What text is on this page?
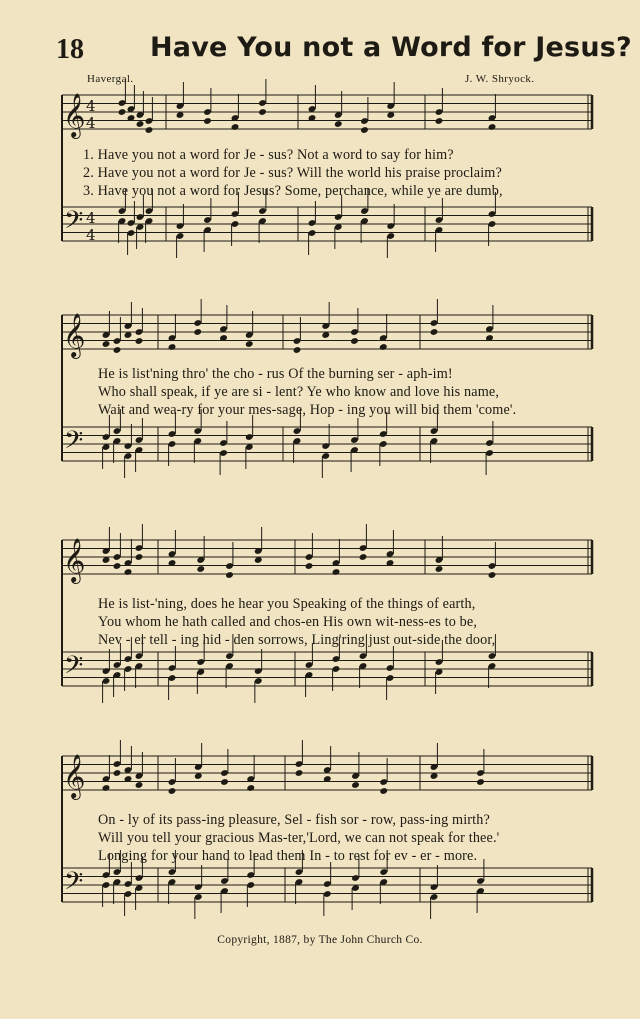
18 Have You not a Word for Jesus?
Havergal.	J. W. Shryock.
𝄞
𝄢
4
4
4
4
𝄞
𝄢
𝄞
𝄢
𝄞
𝄢
1. Have you not a word for Je - sus? Not a word to say for him?
2. Have you not a word for Je - sus? Will the world his praise proclaim?
3. Have you not a word for Jesus? Some, perchance, while ye are dumb,
He is list'ning thro' the cho - rus Of the burning ser - aph-im!
Who shall speak, if ye are si - lent? Ye who know and love his name,
Wait and wea-ry for your mes-sage, Hop - ing you will bid them 'come'.
He is list-'ning, does he hear you Speaking of the things of earth,
You whom he hath called and chos-en His own wit-ness-es to be,
Nev - er tell - ing hid - den sorrows, Ling'ring just out-side the door,
On - ly of its pass-ing pleasure, Sel - fish sor - row, pass-ing mirth?
Will you tell your gracious Mas-ter,'Lord, we can not speak for thee.'
Longing for your hand to lead them In - to rest for ev - er - more.
Copyright, 1887, by The John Church Co.
